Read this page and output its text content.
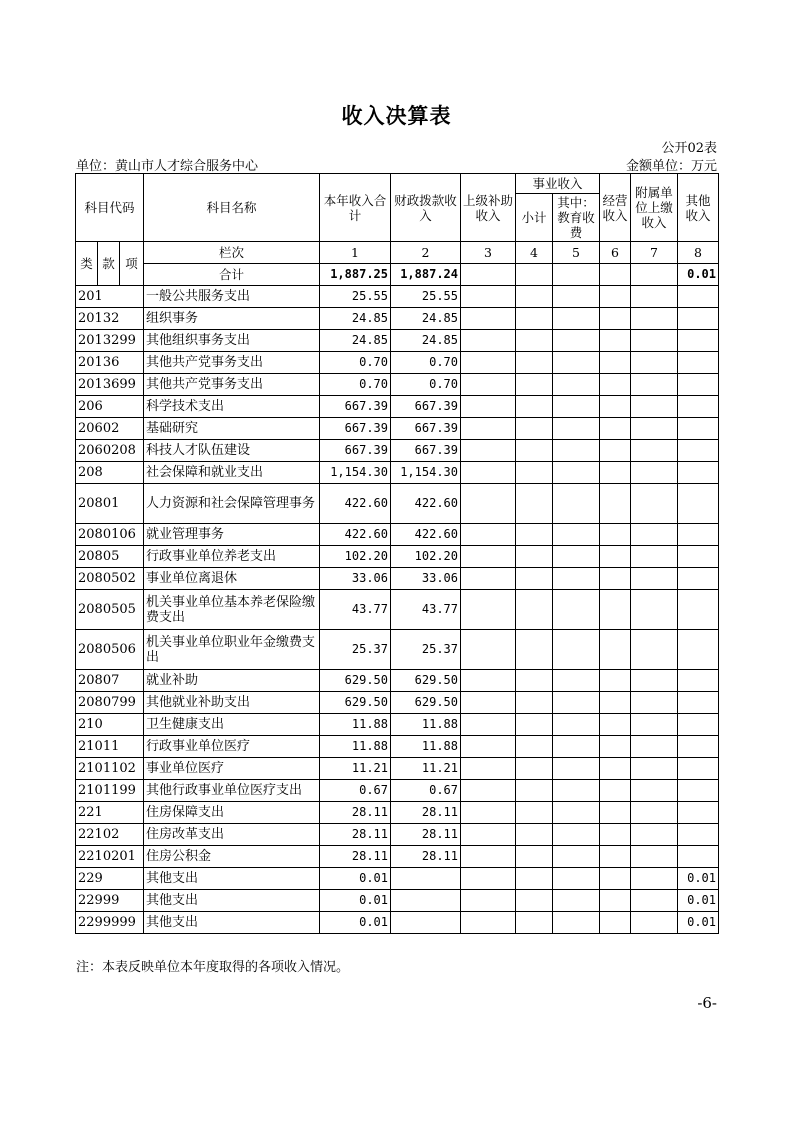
收入决算表
公开02表
单位：黄山市人才综合服务中心	金额单位：万元
科目代码			科目名称	本年收入合计	财政拨款收入	上级补助收入	事业收入		经营收入	附属单位上缴收入	其他收入
							小计	其中：教育收费			

类	款	项	栏次	1	2	3	4	5	6	7	8
			合计	1,887.25	1,887.24						0.01
201			一般公共服务支出	25.55	25.55						
20132			组织事务	24.85	24.85						
2013299			其他组织事务支出	24.85	24.85						
20136			其他共产党事务支出	0.70	0.70						
2013699			其他共产党事务支出	0.70	0.70						
206			科学技术支出	667.39	667.39						
20602			基础研究	667.39	667.39						
2060208			科技人才队伍建设	667.39	667.39						
208			社会保障和就业支出	1,154.30	1,154.30						
20801			人力资源和社会保障管理事务	422.60	422.60						
2080106			就业管理事务	422.60	422.60						
20805			行政事业单位养老支出	102.20	102.20						
2080502			事业单位离退休	33.06	33.06						
2080505			机关事业单位基本养老保险缴费支出	43.77	43.77						
2080506			机关事业单位职业年金缴费支出	25.37	25.37						
20807			就业补助	629.50	629.50						
2080799			其他就业补助支出	629.50	629.50						
210			卫生健康支出	11.88	11.88						
21011			行政事业单位医疗	11.88	11.88						
2101102			事业单位医疗	11.21	11.21						
2101199			其他行政事业单位医疗支出	0.67	0.67						
221			住房保障支出	28.11	28.11						
22102			住房改革支出	28.11	28.11						
2210201			住房公积金	28.11	28.11						
229			其他支出	0.01							0.01
22999			其他支出	0.01							0.01
2299999			其他支出	0.01							0.01
注：本表反映单位本年度取得的各项收入情况。
-6-
